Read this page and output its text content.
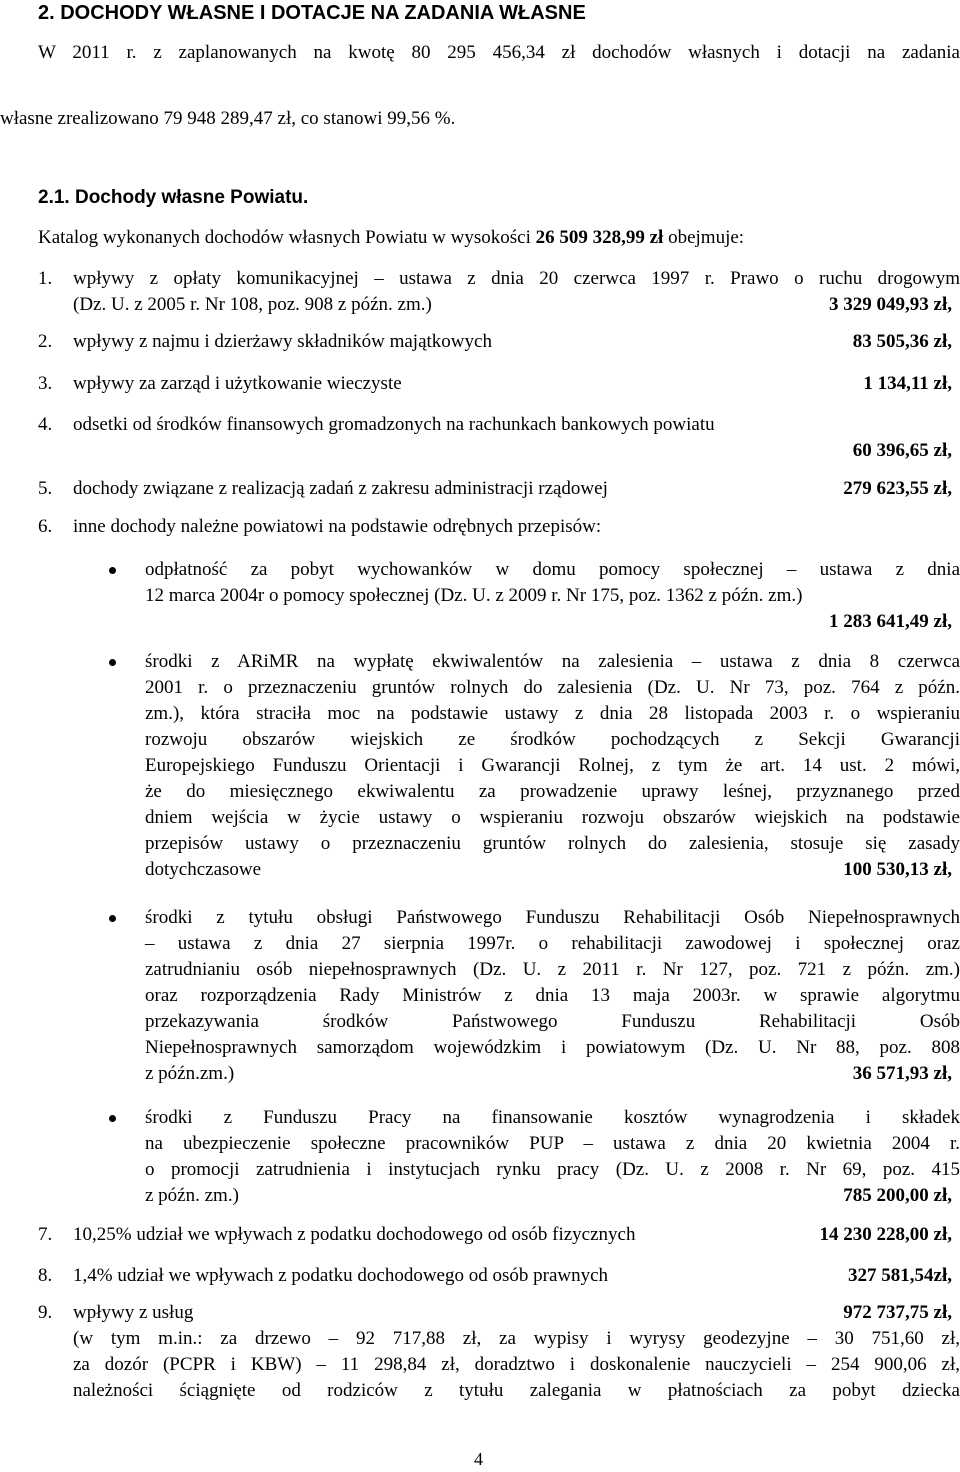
2. DOCHODY WŁASNE I DOTACJE NA ZADANIA WŁASNE
W 2011 r. z zaplanowanych na kwotę 80 295 456,34 zł dochodów własnych i dotacji na zadania
własne zrealizowano 79 948 289,47 zł, co stanowi 99,56 %.
2.1. Dochody własne Powiatu.
Katalog wykonanych dochodów własnych Powiatu w wysokości 26 509 328,99 zł obejmuje:
1. wpływy z opłaty komunikacyjnej – ustawa z dnia 20 czerwca 1997 r. Prawo o ruchu drogowym
(Dz. U. z 2005 r. Nr 108, poz. 908 z późn. zm.)	3 329 049,93 zł,
2. wpływy z najmu i dzierżawy składników majątkowych	83 505,36 zł,
3. wpływy za zarząd i użytkowanie wieczyste	1 134,11 zł,
4. odsetki od środków finansowych gromadzonych na rachunkach bankowych powiatu
60 396,65 zł,
5. dochody związane z realizacją zadań z zakresu administracji rządowej	279 623,55 zł,
6. inne dochody należne powiatowi na podstawie odrębnych przepisów:
odpłatność za pobyt wychowanków w domu pomocy społecznej – ustawa z dnia
12 marca 2004r o pomocy społecznej (Dz. U. z 2009 r. Nr 175, poz. 1362 z późn. zm.)
1 283 641,49 zł,
środki z ARiMR na wypłatę ekwiwalentów na zalesienia – ustawa z dnia 8 czerwca
2001 r. o przeznaczeniu gruntów rolnych do zalesienia (Dz. U. Nr 73, poz. 764 z późn.
zm.), która straciła moc na podstawie ustawy z dnia 28 listopada 2003 r. o wspieraniu
rozwoju obszarów wiejskich ze środków pochodzących z Sekcji Gwarancji
Europejskiego Funduszu Orientacji i Gwarancji Rolnej, z tym że art. 14 ust. 2 mówi,
że do miesięcznego ekwiwalentu za prowadzenie uprawy leśnej, przyznanego przed
dniem wejścia w życie ustawy o wspieraniu rozwoju obszarów wiejskich na podstawie
przepisów ustawy o przeznaczeniu gruntów rolnych do zalesienia, stosuje się zasady
dotychczasowe	100 530,13 zł,
środki z tytułu obsługi Państwowego Funduszu Rehabilitacji Osób Niepełnosprawnych
– ustawa z dnia 27 sierpnia 1997r. o rehabilitacji zawodowej i społecznej oraz
zatrudnianiu osób niepełnosprawnych (Dz. U. z 2011 r. Nr 127, poz. 721 z późn. zm.)
oraz rozporządzenia Rady Ministrów z dnia 13 maja 2003r. w sprawie algorytmu
przekazywania środków Państwowego Funduszu Rehabilitacji Osób
Niepełnosprawnych samorządom wojewódzkim i powiatowym (Dz. U. Nr 88, poz. 808
z późn.zm.)	36 571,93 zł,
środki z Funduszu Pracy na finansowanie kosztów wynagrodzenia i składek
na ubezpieczenie społeczne pracowników PUP – ustawa z dnia 20 kwietnia 2004 r.
o promocji zatrudnienia i instytucjach rynku pracy (Dz. U. z 2008 r. Nr 69, poz. 415
z późn. zm.)	785 200,00 zł,
7. 10,25% udział we wpływach z podatku dochodowego od osób fizycznych	14 230 228,00 zł,
8. 1,4% udział we wpływach z podatku dochodowego od osób prawnych	327 581,54zł,
9. wpływy z usług	972 737,75 zł,
(w tym m.in.: za drzewo – 92 717,88 zł, za wypisy i wyrysy geodezyjne – 30 751,60 zł,
za dozór (PCPR i KBW) – 11 298,84 zł, doradztwo i doskonalenie nauczycieli – 254 900,06 zł,
należności ściągnięte od rodziców z tytułu zalegania w płatnościach za pobyt dziecka
4
